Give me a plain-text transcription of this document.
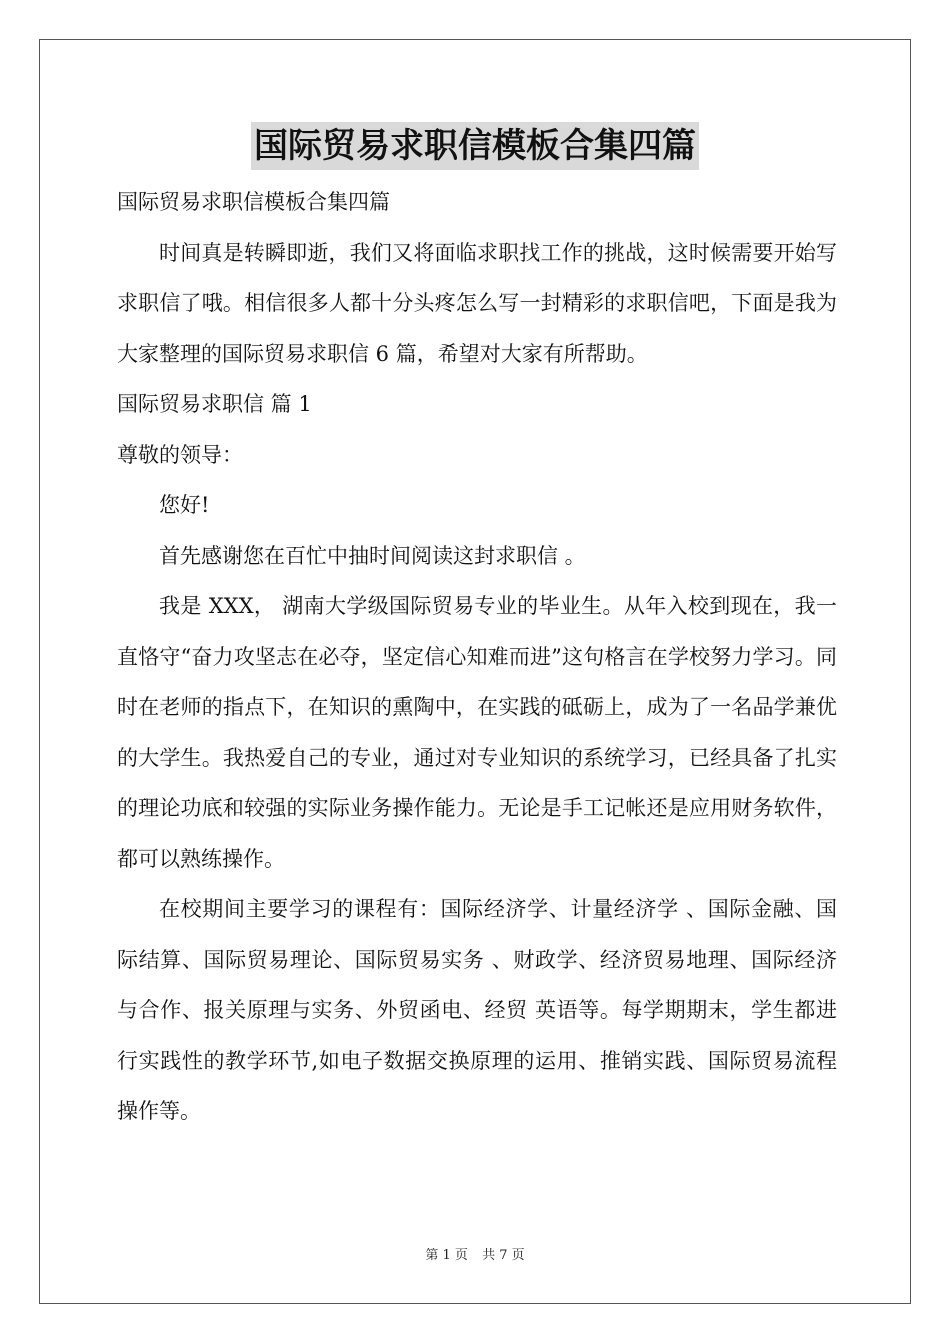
国际贸易求职信模板合集四篇

国际贸易求职信模板合集四篇

时间真是转瞬即逝，我们又将面临求职找工作的挑战，这时候需要开始写求职信了哦。相信很多人都十分头疼怎么写一封精彩的求职信吧，下面是我为大家整理的国际贸易求职信 6 篇，希望对大家有所帮助。

国际贸易求职信 篇 1

尊敬的领导：

您好!

首先感谢您在百忙中抽时间阅读这封求职信 。

我是 XXX， 湖南大学级国际贸易专业的毕业生。从年入校到现在，我一直恪守“奋力攻坚志在必夺，坚定信心知难而进”这句格言在学校努力学习。同时在老师的指点下，在知识的熏陶中，在实践的砥砺上，成为了一名品学兼优的大学生。我热爱自己的专业，通过对专业知识的系统学习，已经具备了扎实的理论功底和较强的实际业务操作能力。无论是手工记帐还是应用财务软件，都可以熟练操作。

在校期间主要学习的课程有：国际经济学、计量经济学 、国际金融、国际结算、国际贸易理论、国际贸易实务 、财政学、经济贸易地理、国际经济与合作、报关原理与实务、外贸函电、经贸 英语等。每学期期末，学生都进行实践性的教学环节,如电子数据交换原理的运用、推销实践、国际贸易流程操作等。

第 1 页 共 7 页
